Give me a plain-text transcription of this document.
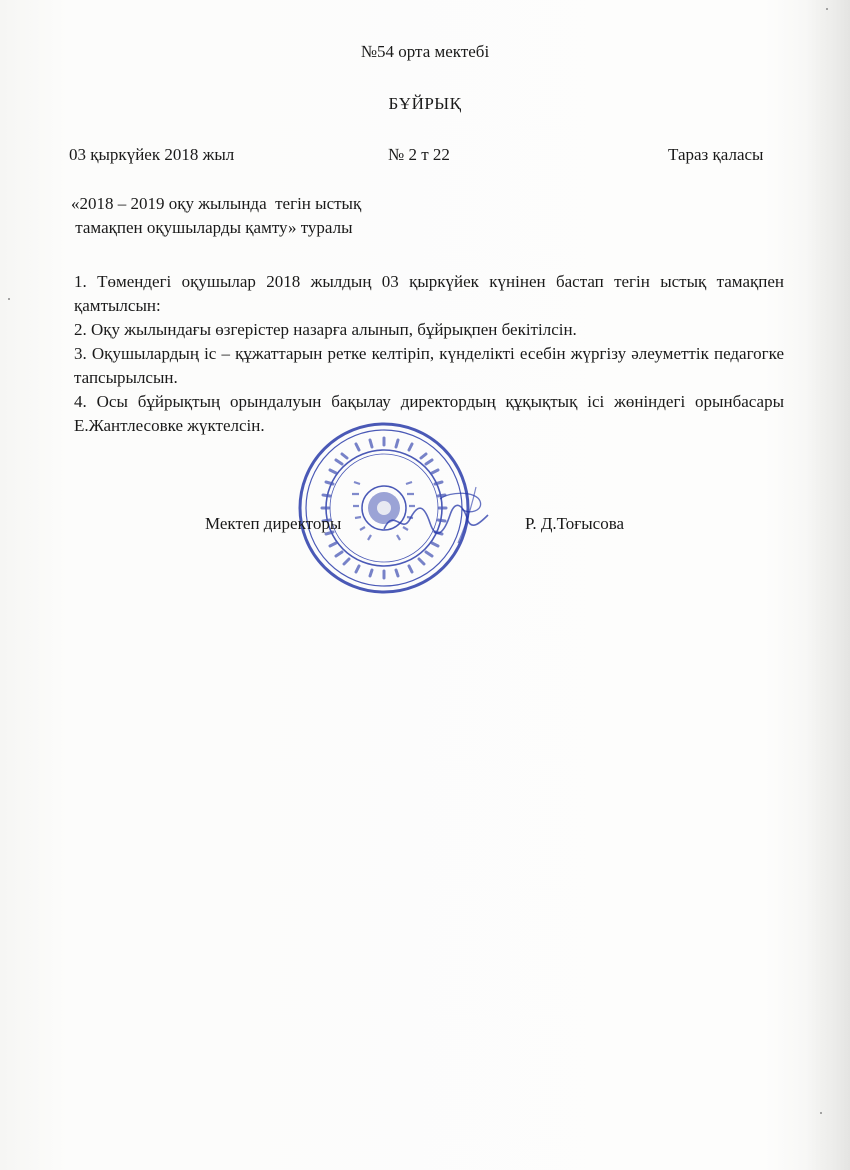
№54 орта мектебі
БҰЙРЫҚ
03 қыркүйек 2018 жыл	№ 2 т 22	Тараз қаласы
«2018 – 2019 оқу жылында  тегін ыстық
тамақпен оқушыларды қамту» туралы

1. Төмендегі оқушылар 2018 жылдың 03 қыркүйек күнінен бастап тегін ыстық тамақпен қамтылсын:

2. Оқу жылындағы өзгерістер назарға алынып, бұйрықпен бекітілсін.

3. Оқушылардың іс – құжаттарын ретке келтіріп, күнделікті есебін жүргізу әлеуметтік педагогке тапсырылсын.

4. Осы бұйрықтың орындалуын бақылау директордың құқықтық ісі жөніндегі орынбасары Е.Жантлесовке жүктелсін.

Мектеп директоры	Р. Д.Тоғысова
